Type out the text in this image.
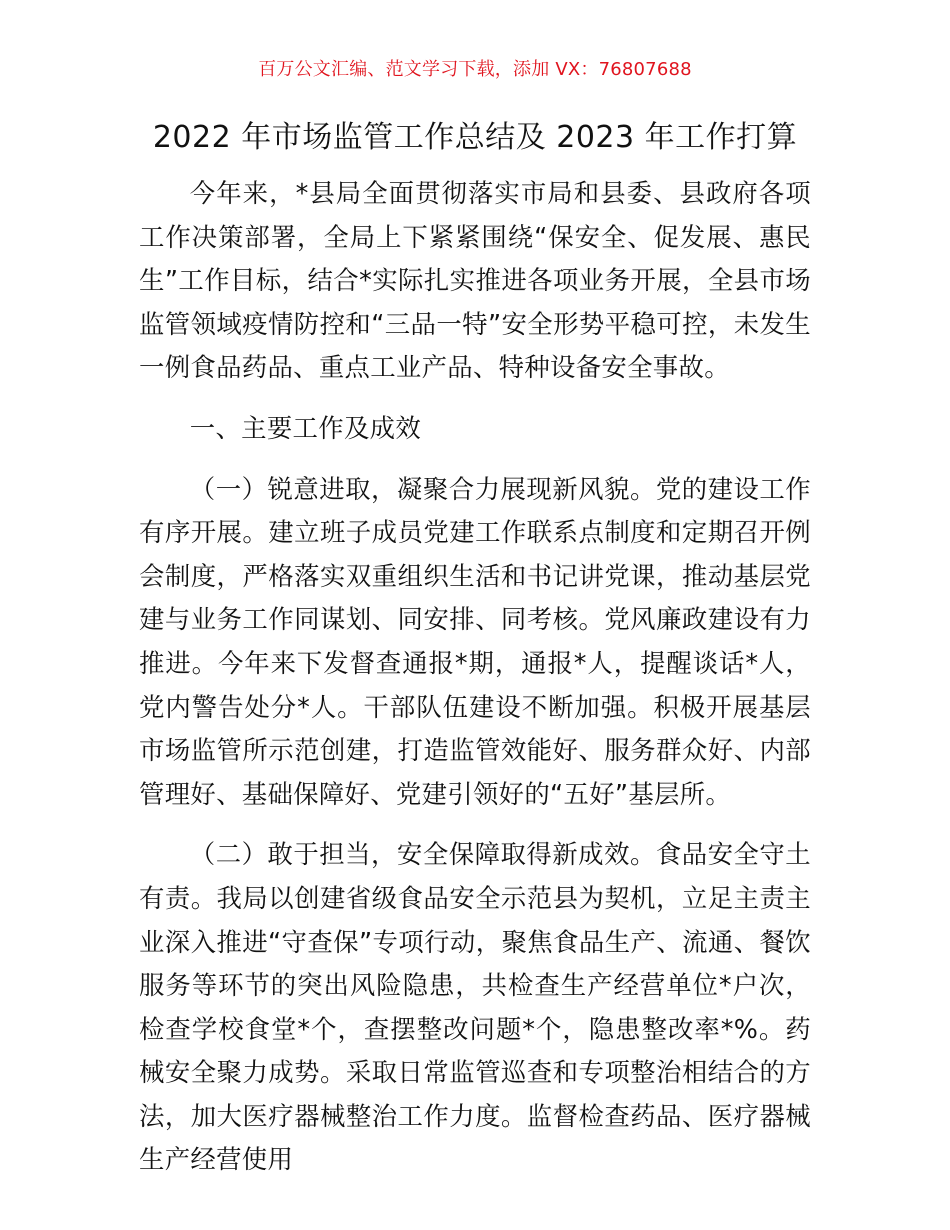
百万公文汇编、范文学习下载，添加 VX：76807688
2022 年市场监管工作总结及 2023 年工作打算

今年来，*县局全面贯彻落实市局和县委、县政府各项工作决策部署，全局上下紧紧围绕“保安全、促发展、惠民生”工作目标，结合*实际扎实推进各项业务开展，全县市场监管领域疫情防控和“三品一特”安全形势平稳可控，未发生一例食品药品、重点工业产品、特种设备安全事故。

一、主要工作及成效

（一）锐意进取，凝聚合力展现新风貌。党的建设工作有序开展。建立班子成员党建工作联系点制度和定期召开例会制度，严格落实双重组织生活和书记讲党课，推动基层党建与业务工作同谋划、同安排、同考核。党风廉政建设有力推进。今年来下发督查通报*期，通报*人，提醒谈话*人，党内警告处分*人。干部队伍建设不断加强。积极开展基层市场监管所示范创建，打造监管效能好、服务群众好、内部管理好、基础保障好、党建引领好的“五好”基层所。

（二）敢于担当，安全保障取得新成效。食品安全守土有责。我局以创建省级食品安全示范县为契机，立足主责主业深入推进“守查保”专项行动，聚焦食品生产、流通、餐饮服务等环节的突出风险隐患，共检查生产经营单位*户次，检查学校食堂*个，查摆整改问题*个，隐患整改率*%。药械安全聚力成势。采取日常监管巡查和专项整治相结合的方法，加大医疗器械整治工作力度。监督检查药品、医疗器械生产经营使用
